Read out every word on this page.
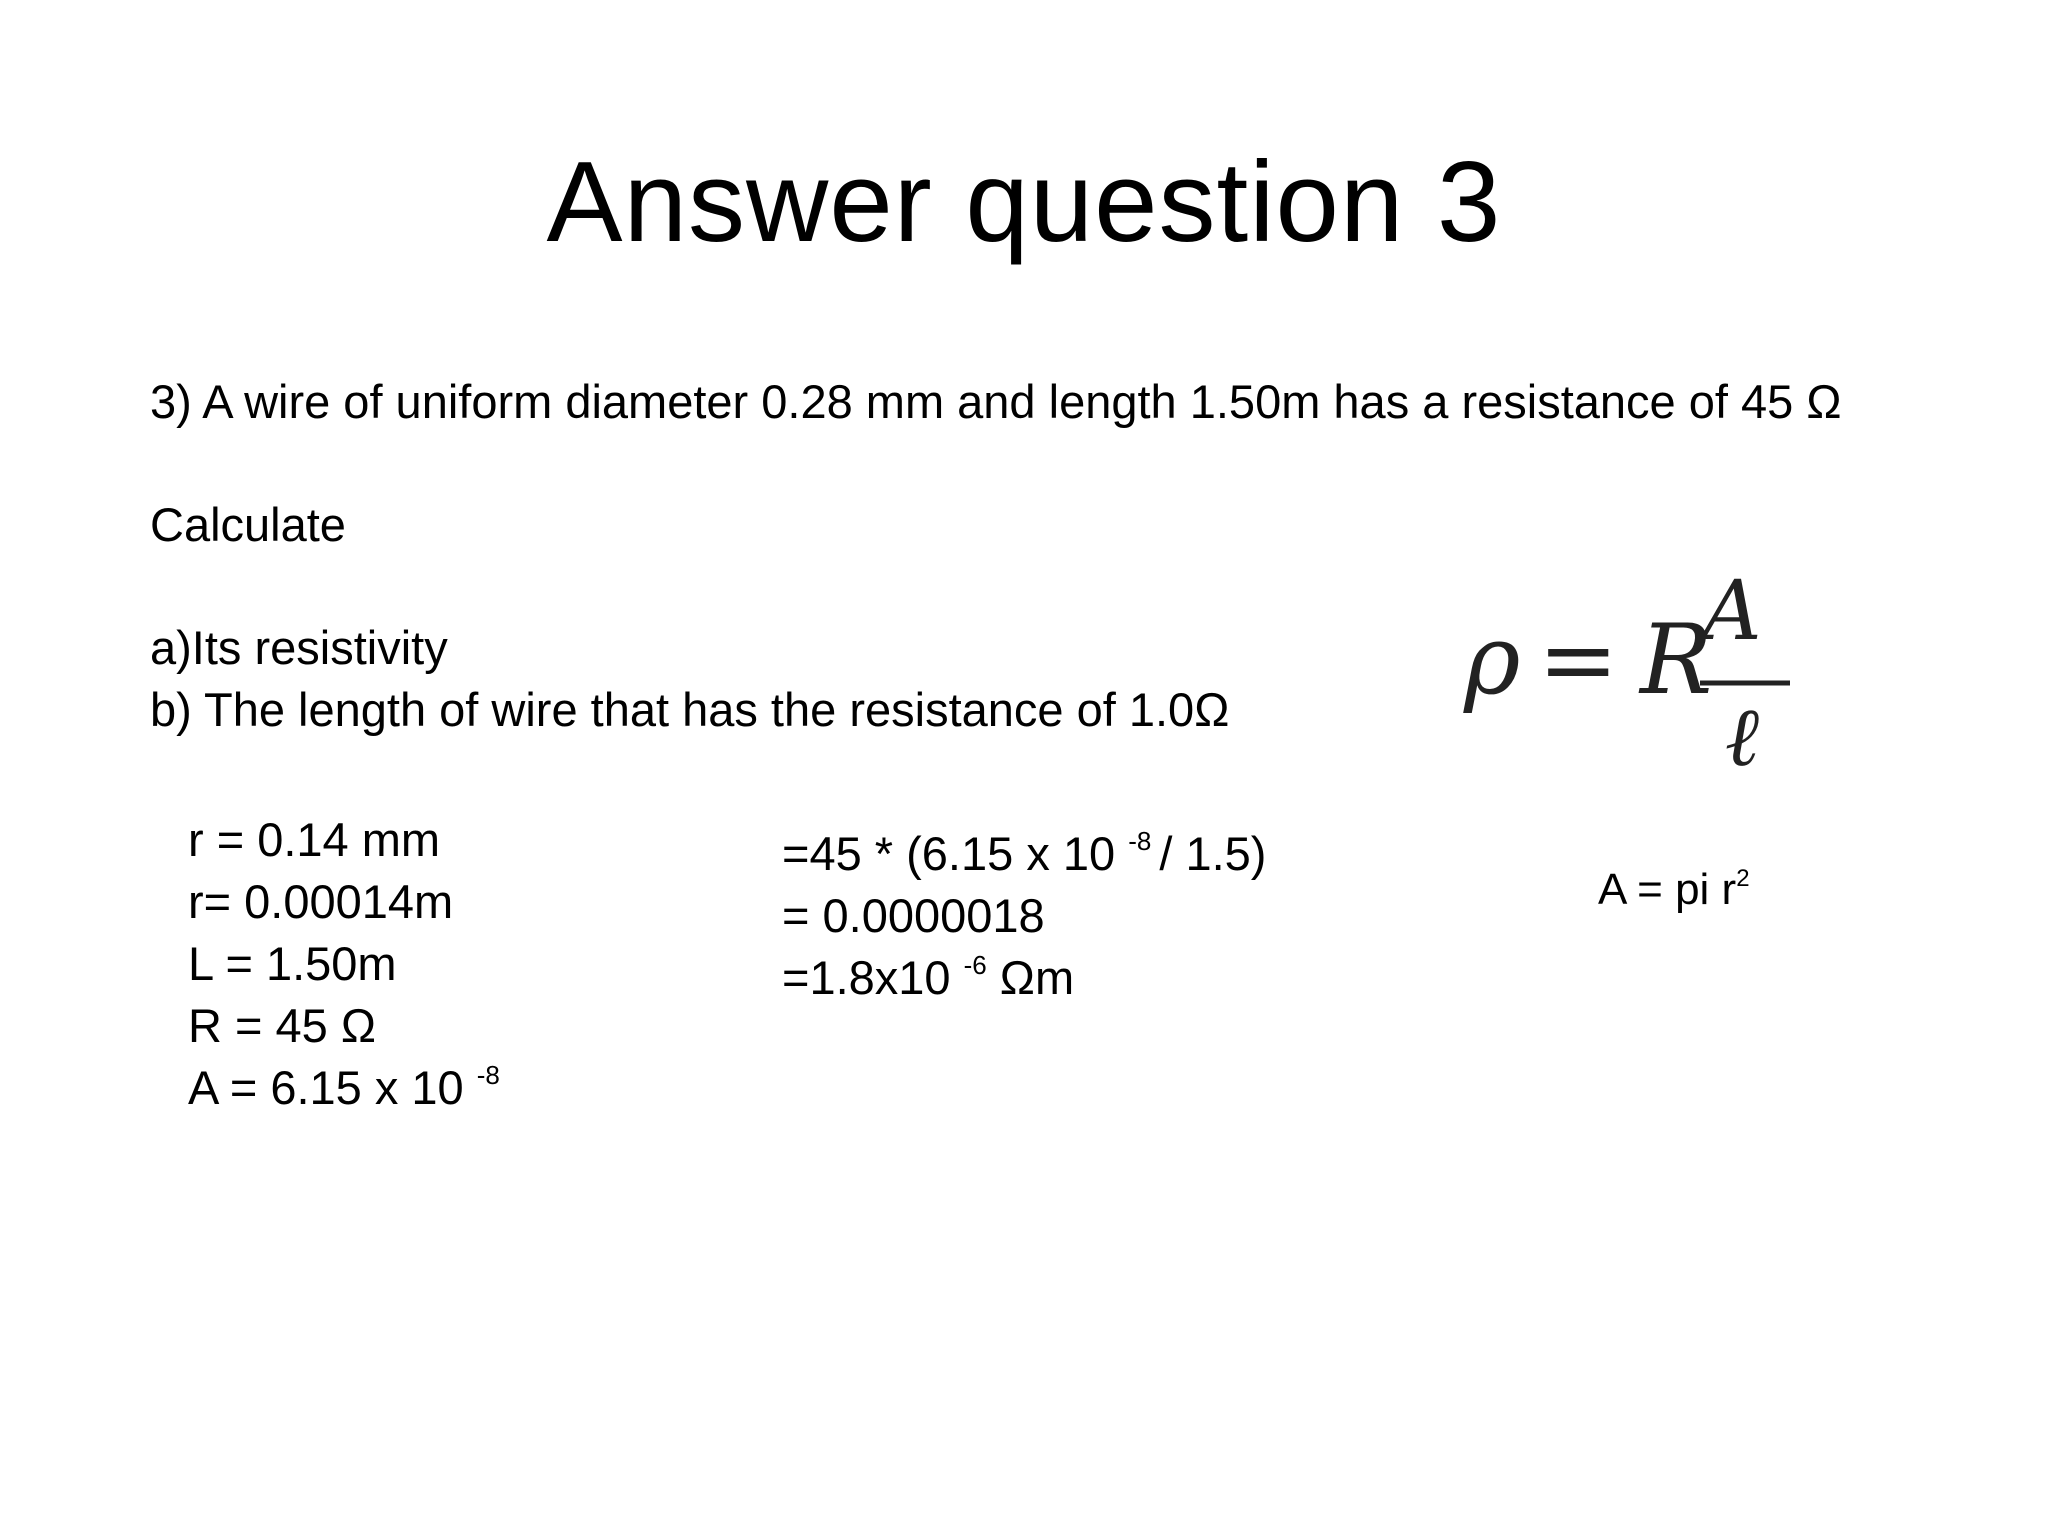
Answer question 3
3) A wire of uniform diameter 0.28 mm and length 1.50m has a resistance of 45 Ω
Calculate
a)Its resistivity
b) The length of wire that has the resistance of 1.0Ω ρ = R
A
ℓ
r = 0.14 mm
r= 0.00014m
L = 1.50m
R = 45 Ω
A = 6.15 x 10 $^{-8}$
=45 * (6.15 x 10 $^{-8}$ / 1.5)
= 0.0000018
=1.8x10 $^{-6}$ Ωm
A = pi $r^2$
